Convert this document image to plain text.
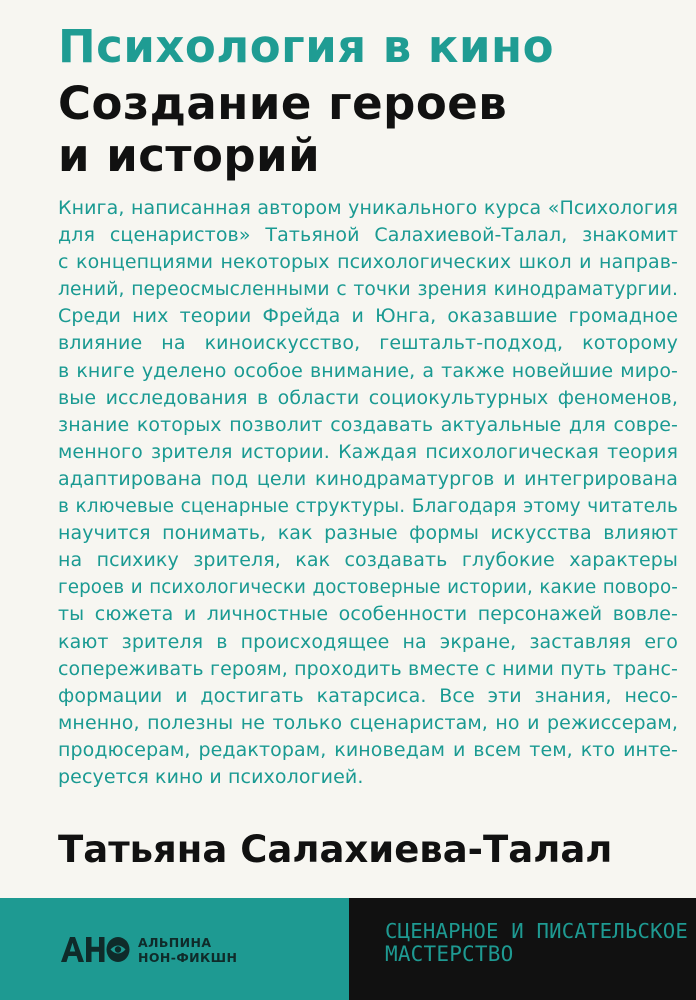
Психология в кино
Создание героев
и историй
Книга, написанная автором уникального курса «Психология
для сценаристов» Татьяной Салахиевой-Талал, знакомит
с концепциями некоторых психологических школ и направ-
лений, переосмысленными с точки зрения кинодраматургии.
Среди них теории Фрейда и Юнга, оказавшие громадное
влияние на киноискусство, гештальт-подход, которому
в книге уделено особое внимание, а также новейшие миро-
вые исследования в области социокультурных феноменов,
знание которых позволит создавать актуальные для совре-
менного зрителя истории. Каждая психологическая теория
адаптирована под цели кинодраматургов и интегрирована
в ключевые сценарные структуры. Благодаря этому читатель
научится понимать, как разные формы искусства влияют
на психику зрителя, как создавать глубокие характеры
героев и психологически достоверные истории, какие поворо-
ты сюжета и личностные особенности персонажей вовле-
кают зрителя в происходящее на экране, заставляя его
сопереживать героям, проходить вместе с ними путь транс-
формации и достигать катарсиса. Все эти знания, несо-
мненно, полезны не только сценаристам, но и режиссерам,
продюсерам, редакторам, киноведам и всем тем, кто инте-
ресуется кино и психологией.
Татьяна Салахиева-Талал
АЛЬПИНА
НОН-ФИКШН
СЦЕНАРНОЕ И ПИСАТЕЛЬСКОЕ
МАСТЕРСТВО
